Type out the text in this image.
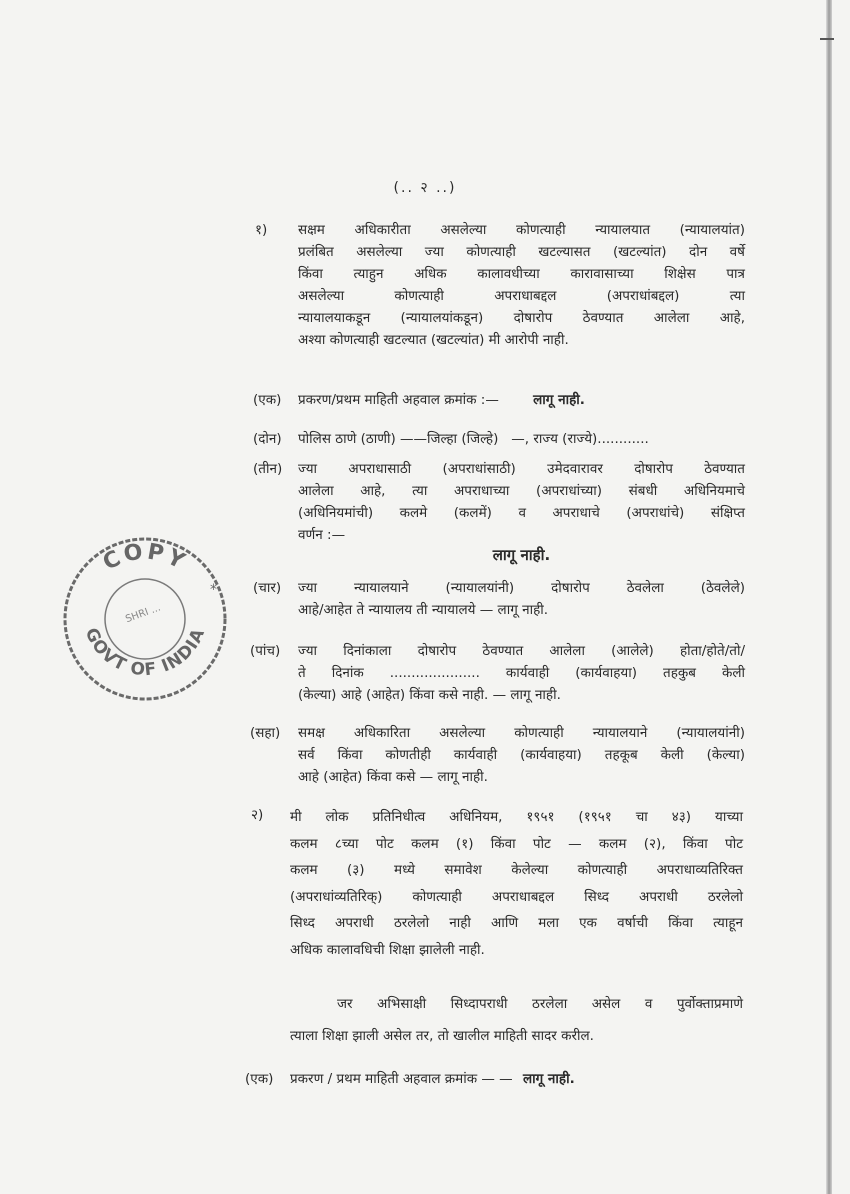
(.. २ ..)
१) सक्षम अधिकारीता असलेल्या कोणत्याही न्यायालयात (न्यायालयांत)
प्रलंबित असलेल्या ज्या कोणत्याही खटल्यासत (खटल्यांत) दोन वर्षे
किंवा त्याहुन अधिक कालावधीच्या कारावासाच्या शिक्षेस पात्र
असलेल्या कोणत्याही अपराधाबद्दल (अपराधांबद्दल) त्या
न्यायालयाकडून (न्यायालयांकडून) दोषारोप ठेवण्यात आलेला आहे,
अश्या कोणत्याही खटल्यात (खटल्यांत) मी आरोपी नाही.
(एक) प्रकरण/प्रथम माहिती अहवाल क्रमांक :—	लागू नाही.
(दोन) पोलिस ठाणे (ठाणी) ——जिल्हा (जिल्हे)   —, राज्य (राज्ये)............
(तीन) ज्या अपराधासाठी (अपराधांसाठी) उमेदवारावर दोषारोप ठेवण्यात
आलेला आहे, त्या अपराधाच्या (अपराधांच्या) संबधी अधिनियमाचे
(अधिनियमांची) कलमे (कलमें) व अपराधाचे (अपराधांचे) संक्षिप्त
वर्णन :—
लागू नाही.
(चार) ज्या न्यायालयाने (न्यायालयांनी) दोषारोप ठेवलेला (ठेवलेले)
आहे/आहेत ते न्यायालय ती न्यायालये — लागू नाही.
(पांच) ज्या दिनांकाला दोषारोप ठेवण्यात आलेला (आलेले) होता/होते/तो/
ते दिनांक ..................... कार्यवाही (कार्यवाहया) तहकुब केली
(केल्या) आहे (आहेत) किंवा कसे नाही. — लागू नाही.
(सहा) समक्ष अधिकारिता असलेल्या कोणत्याही न्यायालयाने (न्यायालयांनी)
सर्व किंवा कोणतीही कार्यवाही (कार्यवाहया) तहकूब केली (केल्या)
आहे (आहेत) किंवा कसे — लागू नाही.
२) मी लोक प्रतिनिधीत्व अधिनियम, १९५१ (१९५१ चा ४३) याच्या
कलम ८च्या पोट कलम (१) किंवा पोट — कलम (२), किंवा पोट
कलम (३) मध्ये समावेश केलेल्या कोणत्याही अपराधाव्यतिरिक्त
(अपराधांव्यतिरिक्) कोणत्याही अपराधाबद्दल सिध्द अपराधी ठरलेलो
सिध्द अपराधी ठरलेलो नाही आणि मला एक वर्षाची किंवा त्याहून
अधिक कालावधिची शिक्षा झालेली नाही.
जर अभिसाक्षी सिध्दापराधी ठरलेला असेल व पुर्वोक्ताप्रमाणे
त्याला शिक्षा झाली असेल तर, तो खालील माहिती सादर करील.
(एक) प्रकरण / प्रथम माहिती अहवाल क्रमांक — — लागू नाही.
COPY
GOVT OF INDIA
SHRI ...
*
